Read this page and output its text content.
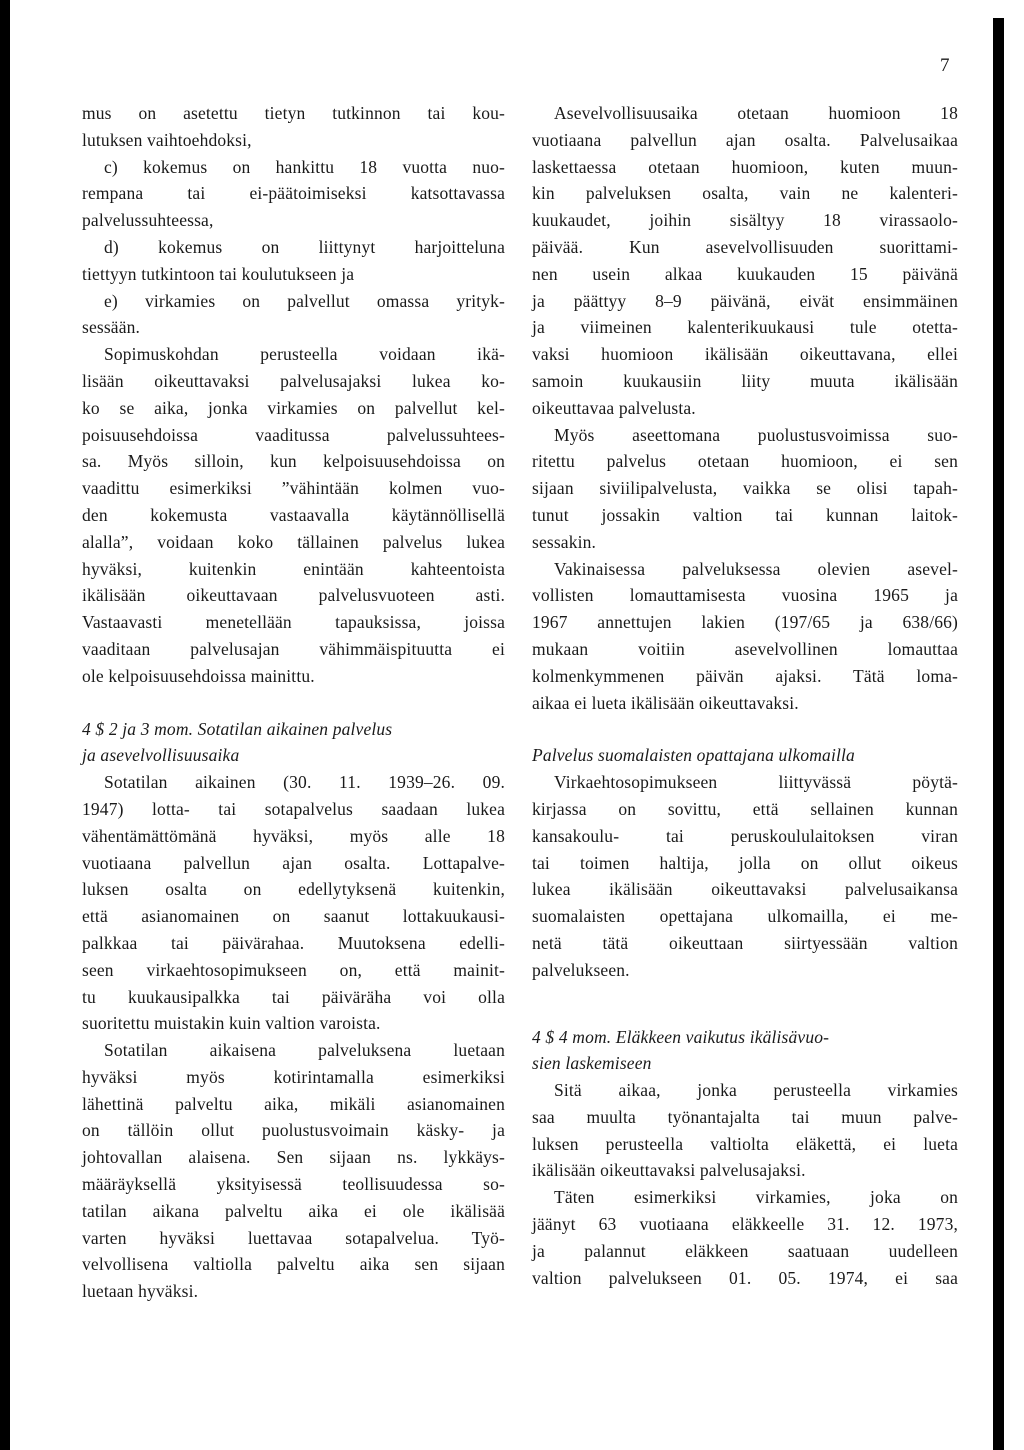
7
mus on asetettu tietyn tutkinnon tai kou-
lutuksen vaihtoehdoksi,
c) kokemus on hankittu 18 vuotta nuo-
rempana tai ei-päätoimiseksi katsottavassa
palvelussuhteessa,
d) kokemus on liittynyt harjoitteluna
tiettyyn tutkintoon tai koulutukseen ja
e) virkamies on palvellut omassa yrityk-
sessään.
Sopimuskohdan perusteella voidaan ikä-
lisään oikeuttavaksi palvelusajaksi lukea ko-
ko se aika, jonka virkamies on palvellut kel-
poisuusehdoissa vaaditussa palvelussuhtees-
sa. Myös silloin, kun kelpoisuusehdoissa on
vaadittu esimerkiksi ”vähintään kolmen vuo-
den kokemusta vastaavalla käytännöllisellä
alalla”, voidaan koko tällainen palvelus lukea
hyväksi, kuitenkin enintään kahteentoista
ikälisään oikeuttavaan palvelusvuoteen asti.
Vastaavasti menetellään tapauksissa, joissa
vaaditaan palvelusajan vähimmäispituutta ei
ole kelpoisuusehdoissa mainittu.
4 $ 2 ja 3 mom. Sotatilan aikainen palvelus
ja asevelvollisuusaika
Sotatilan aikainen (30. 11. 1939–26. 09.
1947) lotta- tai sotapalvelus saadaan lukea
vähentämättömänä hyväksi, myös alle 18
vuotiaana palvellun ajan osalta. Lottapalve-
luksen osalta on edellytyksenä kuitenkin,
että asianomainen on saanut lottakuukausi-
palkkaa tai päivärahaa. Muutoksena edelli-
seen virkaehtosopimukseen on, että mainit-
tu kuukausipalkka tai päiväräha voi olla
suoritettu muistakin kuin valtion varoista.
Sotatilan aikaisena palveluksena luetaan
hyväksi myös kotirintamalla esimerkiksi
lähettinä palveltu aika, mikäli asianomainen
on tällöin ollut puolustusvoimain käsky- ja
johtovallan alaisena. Sen sijaan ns. lykkäys-
määräyksellä yksityisessä teollisuudessa so-
tatilan aikana palveltu aika ei ole ikälisää
varten hyväksi luettavaa sotapalvelua. Työ-
velvollisena valtiolla palveltu aika sen sijaan
luetaan hyväksi.
Asevelvollisuusaika otetaan huomioon 18
vuotiaana palvellun ajan osalta. Palvelusaikaa
laskettaessa otetaan huomioon, kuten muun-
kin palveluksen osalta, vain ne kalenteri-
kuukaudet, joihin sisältyy 18 virassaolo-
päivää. Kun asevelvollisuuden suorittami-
nen usein alkaa kuukauden 15 päivänä
ja päättyy 8–9 päivänä, eivät ensimmäinen
ja viimeinen kalenterikuukausi tule otetta-
vaksi huomioon ikälisään oikeuttavana, ellei
samoin kuukausiin liity muuta ikälisään
oikeuttavaa palvelusta.
Myös aseettomana puolustusvoimissa suo-
ritettu palvelus otetaan huomioon, ei sen
sijaan siviilipalvelusta, vaikka se olisi tapah-
tunut jossakin valtion tai kunnan laitok-
sessakin.
Vakinaisessa palveluksessa olevien asevel-
vollisten lomauttamisesta vuosina 1965 ja
1967 annettujen lakien (197/65 ja 638/66)
mukaan voitiin asevelvollinen lomauttaa
kolmenkymmenen päivän ajaksi. Tätä loma-
aikaa ei lueta ikälisään oikeuttavaksi.
Palvelus suomalaisten opattajana ulkomailla
Virkaehtosopimukseen liittyvässä pöytä-
kirjassa on sovittu, että sellainen kunnan
kansakoulu- tai peruskoululaitoksen viran
tai toimen haltija, jolla on ollut oikeus
lukea ikälisään oikeuttavaksi palvelusaikansa
suomalaisten opettajana ulkomailla, ei me-
netä tätä oikeuttaan siirtyessään valtion
palvelukseen.
4 $ 4 mom. Eläkkeen vaikutus ikälisävuo-
sien laskemiseen
Sitä aikaa, jonka perusteella virkamies
saa muulta työnantajalta tai muun palve-
luksen perusteella valtiolta eläkettä, ei lueta
ikälisään oikeuttavaksi palvelusajaksi.
Täten esimerkiksi virkamies, joka on
jäänyt 63 vuotiaana eläkkeelle 31. 12. 1973,
ja palannut eläkkeen saatuaan uudelleen
valtion palvelukseen 01. 05. 1974, ei saa
